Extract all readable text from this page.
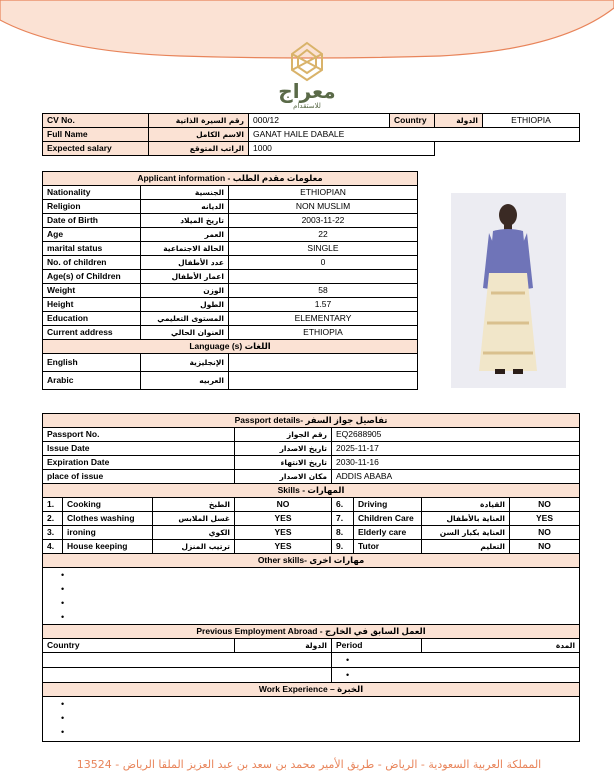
معراج
للاستقدام
CV No.	رقم السيرة الذاتية	000/12	Country	الدولة	ETHIOPIA
Full Name	الاسم الكامل	GANAT HAILE DABALE			
Expected salary	الراتب المتوقع	1000			
Applicant information - معلومات مقدم الطلب		
Nationality	الجنسية	ETHIOPIAN
Religion	الديانه	NON MUSLIM
Date of Birth	تاريخ الميلاد	2003-11-22
Age	العمر	22
marital status	الحالة الاجتماعية	SINGLE
No. of children	عدد الأطفال	0
Age(s) of Children	اعمار الأطفال	
Weight	الوزن	58
Height	الطول	1.57
Education	المستوى التعليمي	ELEMENTARY
Current address	العنوان الحالي	ETHIOPIA
Language (s) اللغات		
English	الإنجليزية	
Arabic	العربيه	
Passport details- تفاصيل جواز السفر							
Passport No.			رقم الجواز	EQ2688905			
Issue Date			تاريخ الاصدار	2025-11-17			
Expiration Date			تاريخ الانتهاء	2030-11-16			
place of issue			مكان الاصدار	ADDIS ABABA			
Skills - المهارات							
1.	Cooking	الطبخ	NO	6.	Driving	القيادة	NO
2.	Clothes washing	غسل الملابس	YES	7.	Children Care	العناية بالأطفال	YES
3.	ironing	الكوي	YES	8.	Elderly care	العناية بكبار السن	NO
4.	House keeping	ترتيب المنزل	YES	9.	Tutor	التعليم	NO
Other skills- مهارات اخرى							

•
•
•
•							

Previous Employment Abroad - العمل السابق في الخارج							
Country			الدولة	Period		المدة	
				•			
				•			
Work Experience – الخبرة							

•
•
•							
المملكة العربية السعودية - الرياض - طريق الأمير محمد بن سعد بن عبد العزيز الملقا الرياض - 13524
